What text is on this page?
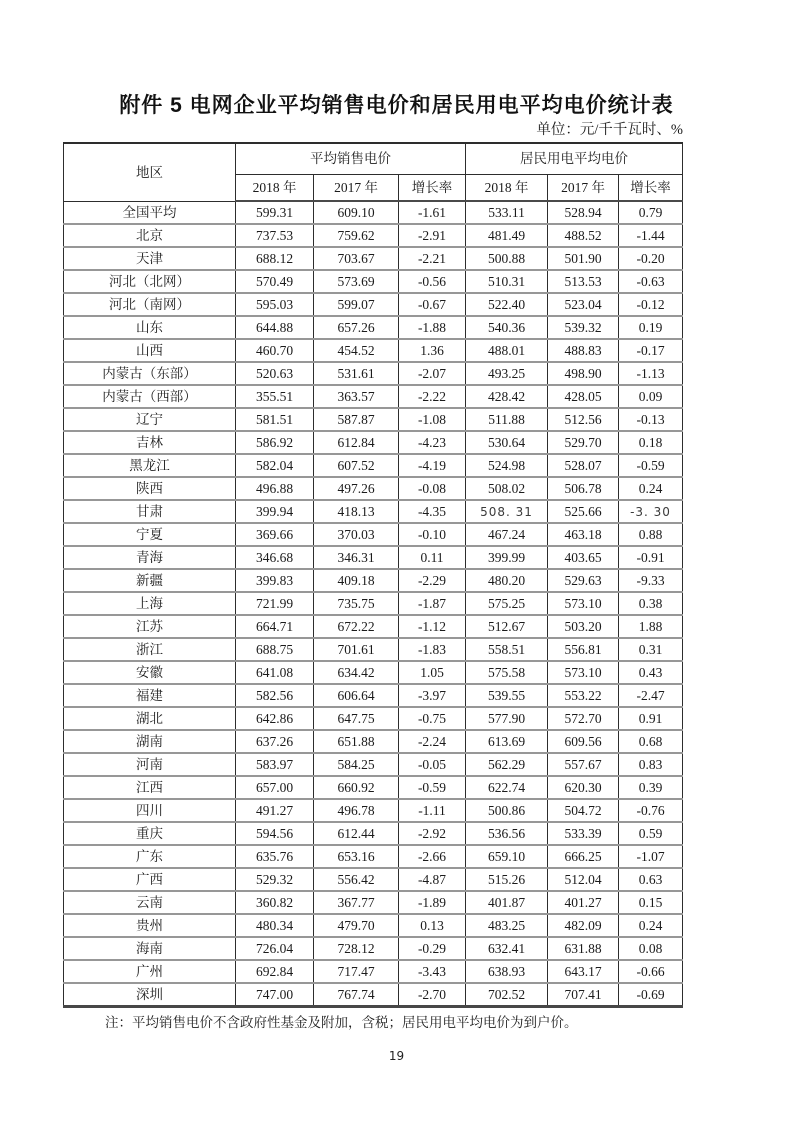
附件 5 电网企业平均销售电价和居民用电平均电价统计表
单位：元/千千瓦时、%
地区	平均销售电价			居民用电平均电价		
	2018 年	2017 年	增长率	2018 年	2017 年	增长率
全国平均	599.31	609.10	-1.61	533.11	528.94	0.79
北京	737.53	759.62	-2.91	481.49	488.52	-1.44
天津	688.12	703.67	-2.21	500.88	501.90	-0.20
河北（北网）	570.49	573.69	-0.56	510.31	513.53	-0.63
河北（南网）	595.03	599.07	-0.67	522.40	523.04	-0.12
山东	644.88	657.26	-1.88	540.36	539.32	0.19
山西	460.70	454.52	1.36	488.01	488.83	-0.17
内蒙古（东部）	520.63	531.61	-2.07	493.25	498.90	-1.13
内蒙古（西部）	355.51	363.57	-2.22	428.42	428.05	0.09
辽宁	581.51	587.87	-1.08	511.88	512.56	-0.13
吉林	586.92	612.84	-4.23	530.64	529.70	0.18
黑龙江	582.04	607.52	-4.19	524.98	528.07	-0.59
陕西	496.88	497.26	-0.08	508.02	506.78	0.24
甘肃	399.94	418.13	-4.35	508. 31	525.66	-3. 30
宁夏	369.66	370.03	-0.10	467.24	463.18	0.88
青海	346.68	346.31	0.11	399.99	403.65	-0.91
新疆	399.83	409.18	-2.29	480.20	529.63	-9.33
上海	721.99	735.75	-1.87	575.25	573.10	0.38
江苏	664.71	672.22	-1.12	512.67	503.20	1.88
浙江	688.75	701.61	-1.83	558.51	556.81	0.31
安徽	641.08	634.42	1.05	575.58	573.10	0.43
福建	582.56	606.64	-3.97	539.55	553.22	-2.47
湖北	642.86	647.75	-0.75	577.90	572.70	0.91
湖南	637.26	651.88	-2.24	613.69	609.56	0.68
河南	583.97	584.25	-0.05	562.29	557.67	0.83
江西	657.00	660.92	-0.59	622.74	620.30	0.39
四川	491.27	496.78	-1.11	500.86	504.72	-0.76
重庆	594.56	612.44	-2.92	536.56	533.39	0.59
广东	635.76	653.16	-2.66	659.10	666.25	-1.07
广西	529.32	556.42	-4.87	515.26	512.04	0.63
云南	360.82	367.77	-1.89	401.87	401.27	0.15
贵州	480.34	479.70	0.13	483.25	482.09	0.24
海南	726.04	728.12	-0.29	632.41	631.88	0.08
广州	692.84	717.47	-3.43	638.93	643.17	-0.66
深圳	747.00	767.74	-2.70	702.52	707.41	-0.69
注：平均销售电价不含政府性基金及附加，含税；居民用电平均电价为到户价。
19
